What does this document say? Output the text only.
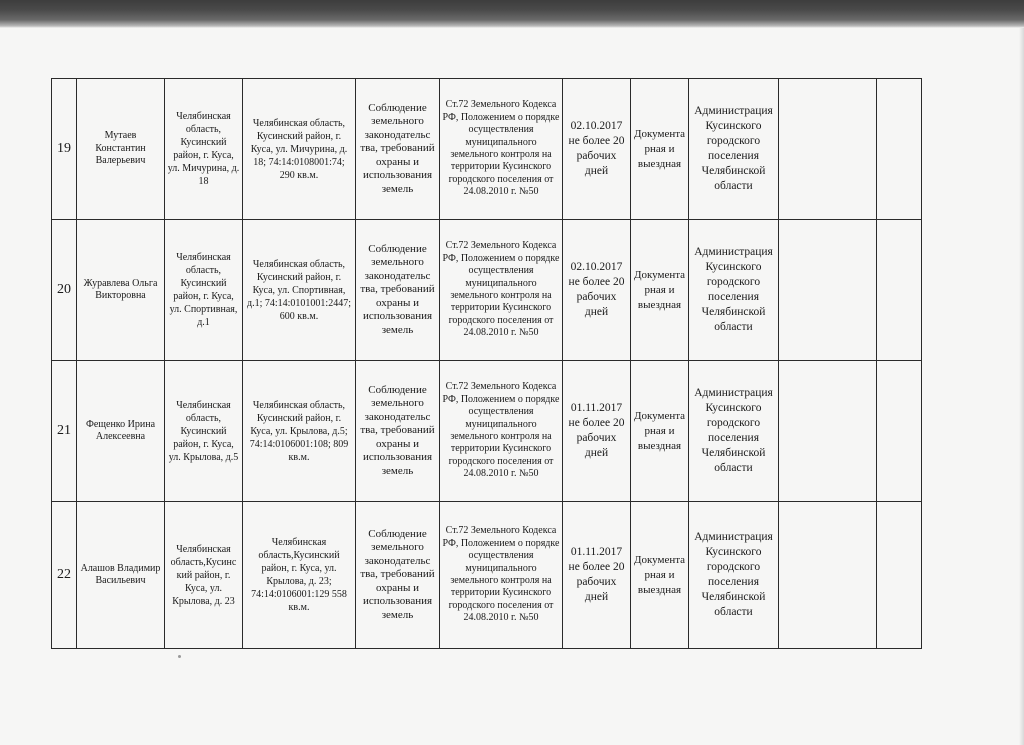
19	Мутаев Константин Валерьевич	Челябинская область, Кусинский район, г. Куса, ул. Мичурина, д. 18	Челябинская область, Кусинский район, г. Куса, ул. Мичурина, д. 18; 74:14:0108001:74; 290 кв.м.	Соблюдение земельного законодательс тва, требований охраны и использования земель	Ст.72 Земельного Кодекса РФ, Положением о порядке осуществления муниципального земельного контроля на территории Кусинского городского поселения от 24.08.2010 г. №50	02.10.2017 не более 20 рабочих дней	Документа рная и выездная	Администрация Кусинского городского поселения Челябинской области		
20	Журавлева Ольга Викторовна	Челябинская область, Кусинский район, г. Куса, ул. Спортивная, д.1	Челябинская область, Кусинский район, г. Куса, ул. Спортивная, д.1; 74:14:0101001:2447; 600 кв.м.	Соблюдение земельного законодательс тва, требований охраны и использования земель	Ст.72 Земельного Кодекса РФ, Положением о порядке осуществления муниципального земельного контроля на территории Кусинского городского поселения от 24.08.2010 г. №50	02.10.2017 не более 20 рабочих дней	Документа рная и выездная	Администрация Кусинского городского поселения Челябинской области		
21	Фещенко Ирина Алексеевна	Челябинская область, Кусинский район, г. Куса, ул. Крылова, д.5	Челябинская область, Кусинский район, г. Куса, ул. Крылова, д.5; 74:14:0106001:108; 809 кв.м.	Соблюдение земельного законодательс тва, требований охраны и использования земель	Ст.72 Земельного Кодекса РФ, Положением о порядке осуществления муниципального земельного контроля на территории Кусинского городского поселения от 24.08.2010 г. №50	01.11.2017 не более 20 рабочих дней	Документа рная и выездная	Администрация Кусинского городского поселения Челябинской области		
22	Алашов Владимир Васильевич	Челябинская область,Кусинс кий район, г. Куса, ул. Крылова, д. 23	Челябинская область,Кусинский район, г. Куса, ул. Крылова, д. 23; 74:14:0106001:129 558 кв.м.	Соблюдение земельного законодательс тва, требований охраны и использования земель	Ст.72 Земельного Кодекса РФ, Положением о порядке осуществления муниципального земельного контроля на территории Кусинского городского поселения от 24.08.2010 г. №50	01.11.2017 не более 20 рабочих дней	Документа рная и выездная	Администрация Кусинского городского поселения Челябинской области		
